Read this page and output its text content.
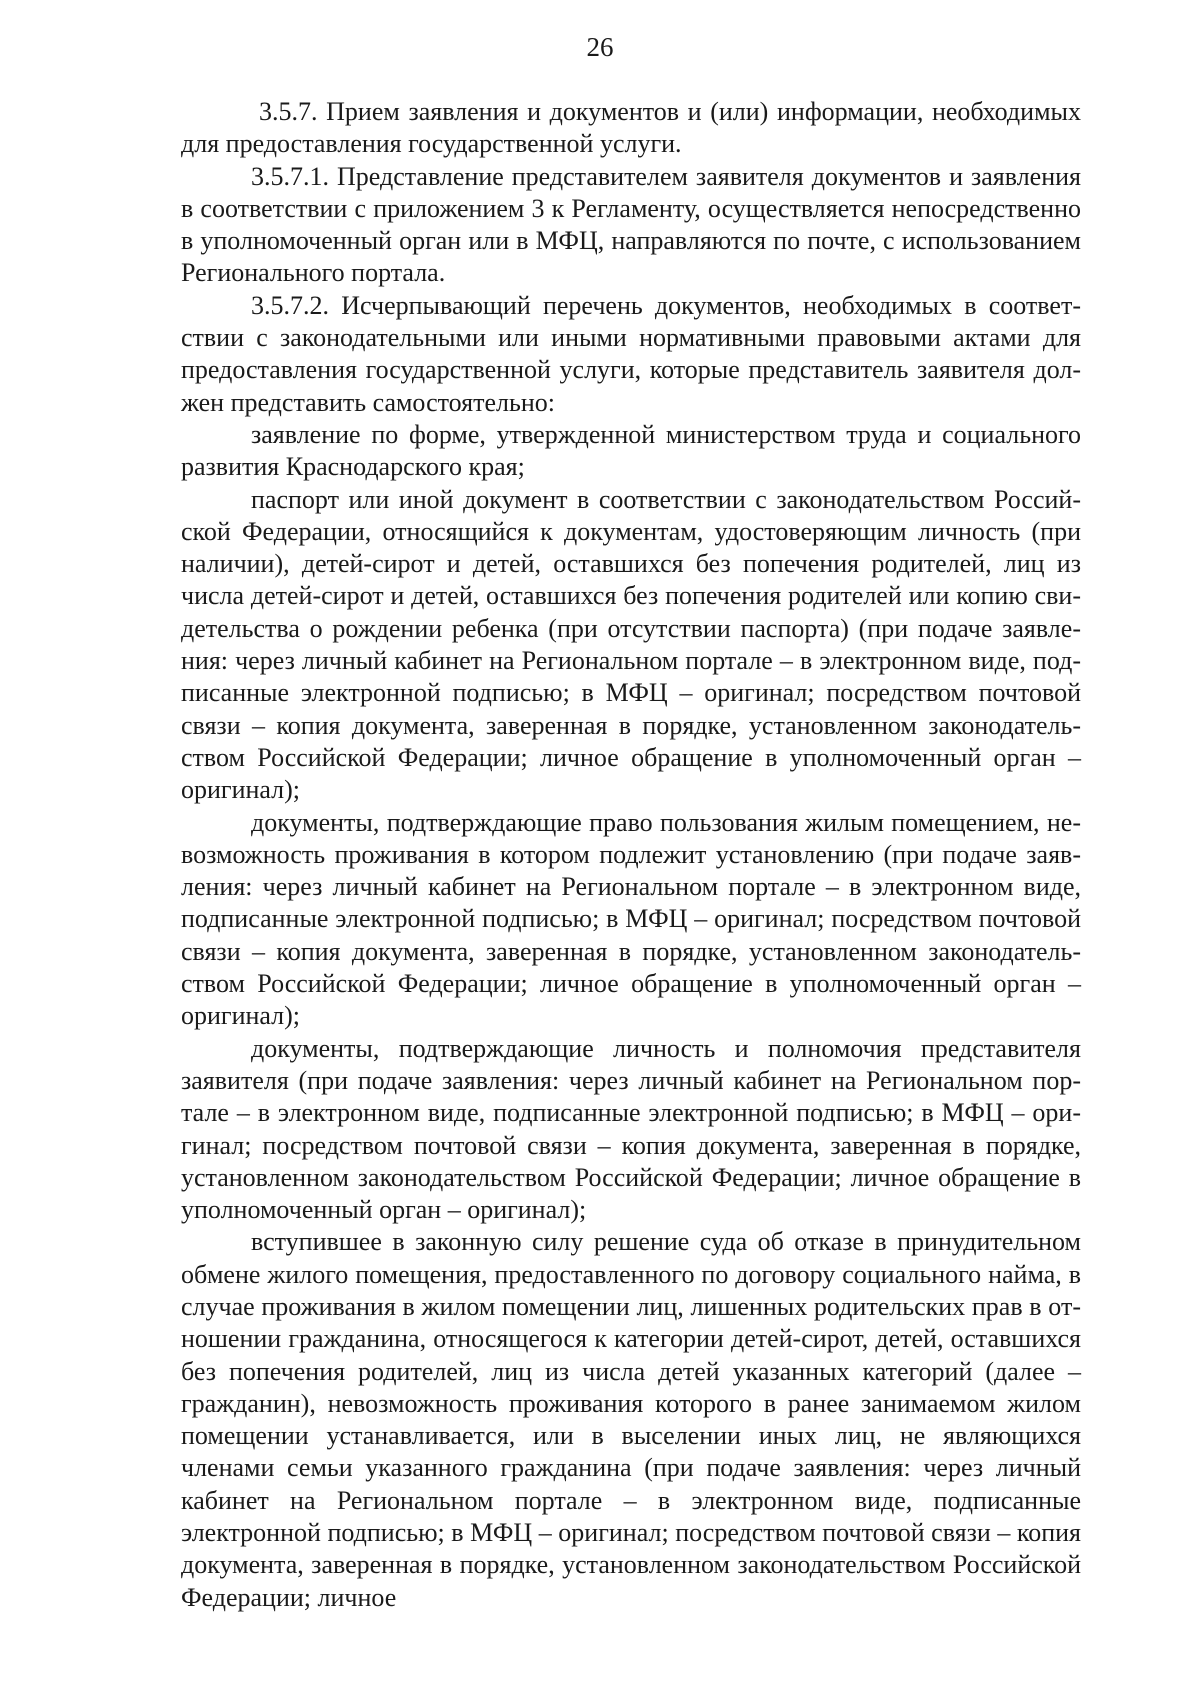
26

3.5.7. Прием заявления и документов и (или) информации, необходимых для предоставления государственной услуги.

3.5.7.1. Представление представителем заявителя документов и заявления в соответствии с приложением 3 к Регламенту, осуществляется непосредственно в уполномоченный орган или в МФЦ, направляются по почте, с использованием Регионального портала.

3.5.7.2. Исчерпывающий перечень документов, необходимых в соответствии с законодательными или иными нормативными правовыми актами для предоставления государственной услуги, которые представитель заявителя должен представить самостоятельно:

заявление по форме, утвержденной министерством труда и социального развития Краснодарского края;

паспорт или иной документ в соответствии с законодательством Российской Федерации, относящийся к документам, удостоверяющим личность (при наличии), детей-сирот и детей, оставшихся без попечения родителей, лиц из числа детей-сирот и детей, оставшихся без попечения родителей или копию свидетельства о рождении ребенка (при отсутствии паспорта) (при подаче заявления: через личный кабинет на Региональном портале – в электронном виде, подписанные электронной подписью; в МФЦ – оригинал; посредством почтовой связи – копия документа, заверенная в порядке, установленном законодательством Российской Федерации; личное обращение в уполномоченный орган – оригинал);

документы, подтверждающие право пользования жилым помещением, невозможность проживания в котором подлежит установлению (при подаче заявления: через личный кабинет на Региональном портале – в электронном виде, подписанные электронной подписью; в МФЦ – оригинал; посредством почтовой связи – копия документа, заверенная в порядке, установленном законодательством Российской Федерации; личное обращение в уполномоченный орган – оригинал);

документы, подтверждающие личность и полномочия представителя заявителя (при подаче заявления: через личный кабинет на Региональном портале – в электронном виде, подписанные электронной подписью; в МФЦ – оригинал; посредством почтовой связи – копия документа, заверенная в порядке, установленном законодательством Российской Федерации; личное обращение в уполномоченный орган – оригинал);

вступившее в законную силу решение суда об отказе в принудительном обмене жилого помещения, предоставленного по договору социального найма, в случае проживания в жилом помещении лиц, лишенных родительских прав в отношении гражданина, относящегося к категории детей-сирот, детей, оставшихся без попечения родителей, лиц из числа детей указанных категорий (далее – гражданин), невозможность проживания которого в ранее занимаемом жилом помещении устанавливается, или в выселении иных лиц, не являющихся членами семьи указанного гражданина (при подаче заявления: через личный кабинет на Региональном портале – в электронном виде, подписанные электронной подписью; в МФЦ – оригинал; посредством почтовой связи – копия документа, заверенная в порядке, установленном законодательством Российской Федерации; личное
